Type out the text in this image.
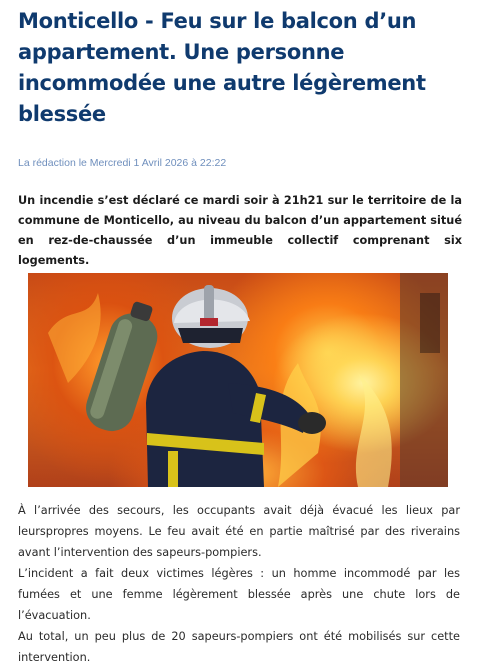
Monticello - Feu sur le balcon d’un appartement. Une personne incommodée une autre légèrement blessée

La rédaction le Mercredi 1 Avril 2026 à 22:22

Un incendie s’est déclaré ce mardi soir à 21h21 sur le territoire de la commune de Monticello, au niveau du balcon d’un appartement situé en rez-de-chaussée d’un immeuble collectif comprenant six logements.

À l’arrivée des secours, les occupants avait déjà évacué les lieux par leurspropres moyens. Le feu avait été en partie maîtrisé par des riverains avant l’intervention des sapeurs-pompiers.

L’incident a fait deux victimes légères : un homme incommodé par les fumées et une femme légèrement blessée après une chute lors de l’évacuation.

Au total, un peu plus de 20 sapeurs-pompiers ont été mobilisés sur cette intervention.
